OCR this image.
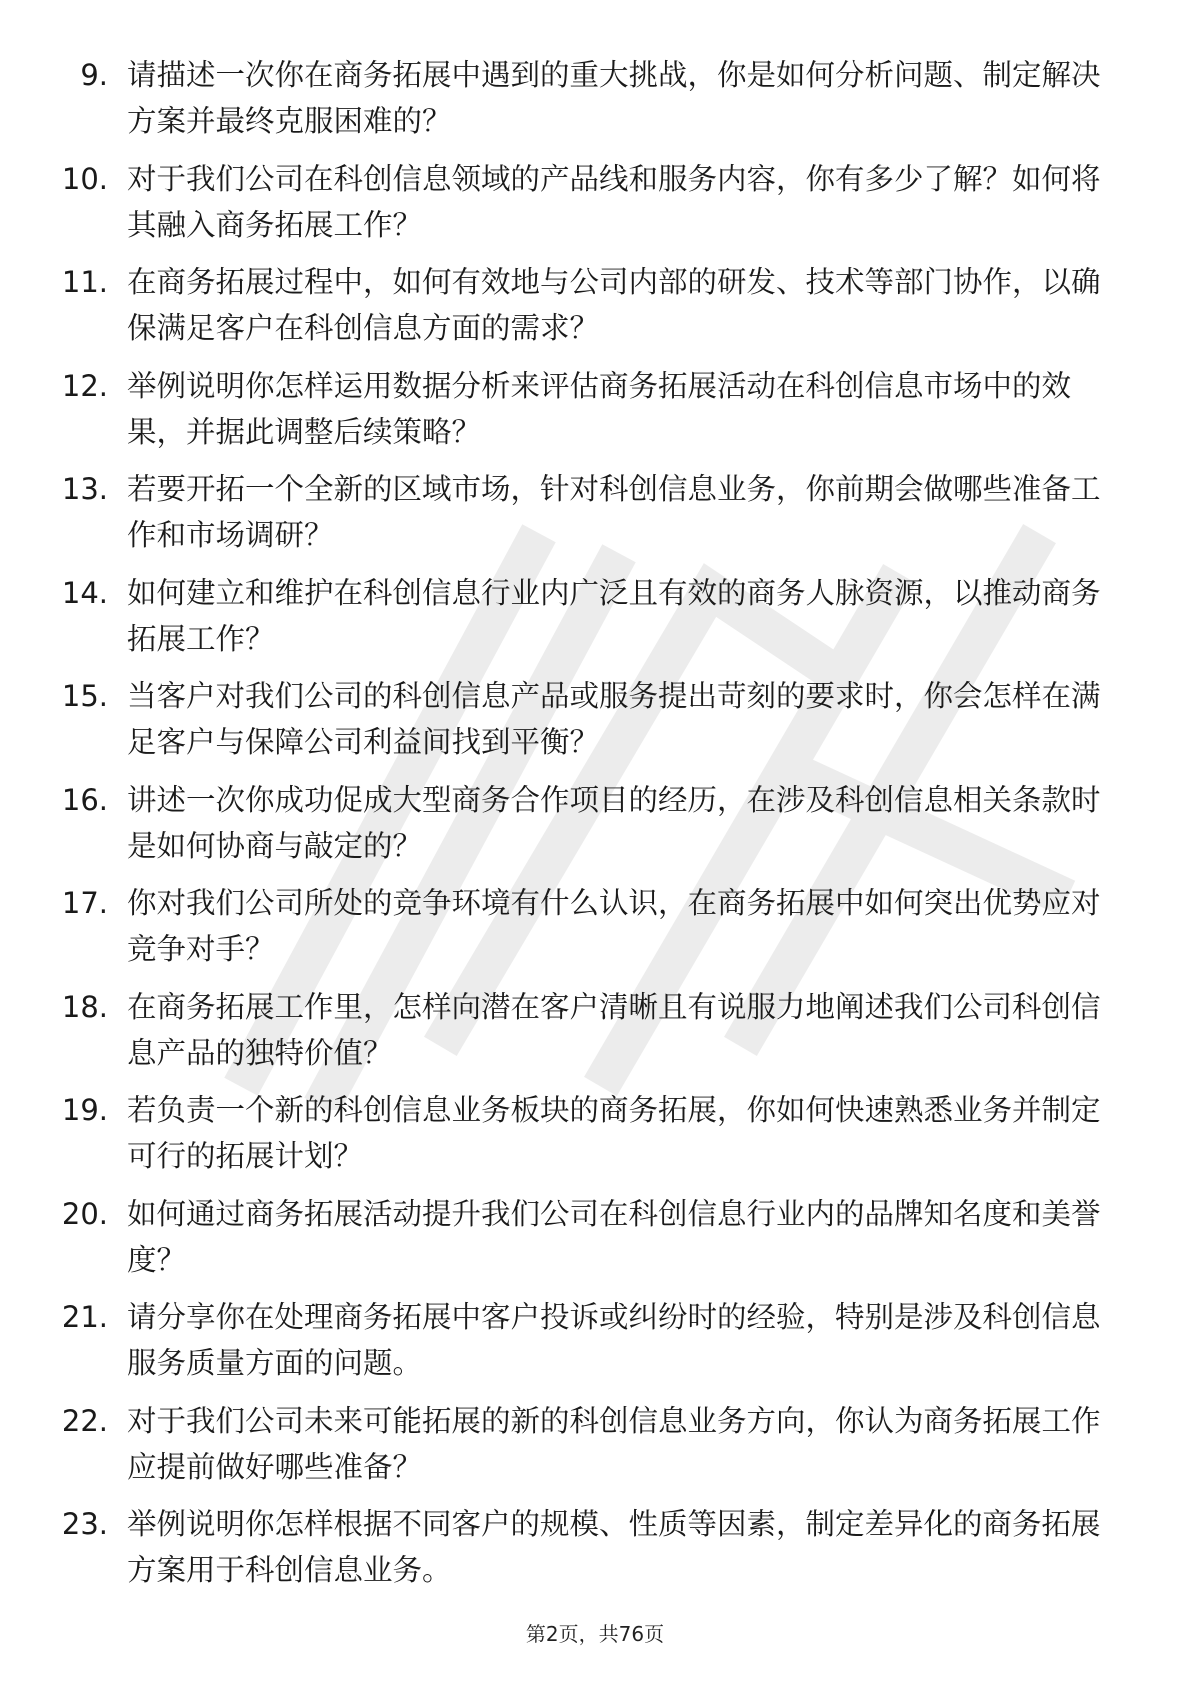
9. 请描述一次你在商务拓展中遇到的重大挑战，你是如何分析问题、制定解决方案并最终克服困难的？
10. 对于我们公司在科创信息领域的产品线和服务内容，你有多少了解？如何将其融入商务拓展工作？
11. 在商务拓展过程中，如何有效地与公司内部的研发、技术等部门协作，以确保满足客户在科创信息方面的需求？
12. 举例说明你怎样运用数据分析来评估商务拓展活动在科创信息市场中的效果，并据此调整后续策略？
13. 若要开拓一个全新的区域市场，针对科创信息业务，你前期会做哪些准备工作和市场调研？
14. 如何建立和维护在科创信息行业内广泛且有效的商务人脉资源，以推动商务拓展工作？
15. 当客户对我们公司的科创信息产品或服务提出苛刻的要求时，你会怎样在满足客户与保障公司利益间找到平衡？
16. 讲述一次你成功促成大型商务合作项目的经历，在涉及科创信息相关条款时是如何协商与敲定的？
17. 你对我们公司所处的竞争环境有什么认识，在商务拓展中如何突出优势应对竞争对手？
18. 在商务拓展工作里，怎样向潜在客户清晰且有说服力地阐述我们公司科创信息产品的独特价值？
19. 若负责一个新的科创信息业务板块的商务拓展，你如何快速熟悉业务并制定可行的拓展计划？
20. 如何通过商务拓展活动提升我们公司在科创信息行业内的品牌知名度和美誉度？
21. 请分享你在处理商务拓展中客户投诉或纠纷时的经验，特别是涉及科创信息服务质量方面的问题。
22. 对于我们公司未来可能拓展的新的科创信息业务方向，你认为商务拓展工作应提前做好哪些准备？
23. 举例说明你怎样根据不同客户的规模、性质等因素，制定差异化的商务拓展方案用于科创信息业务。
第2页，共76页
